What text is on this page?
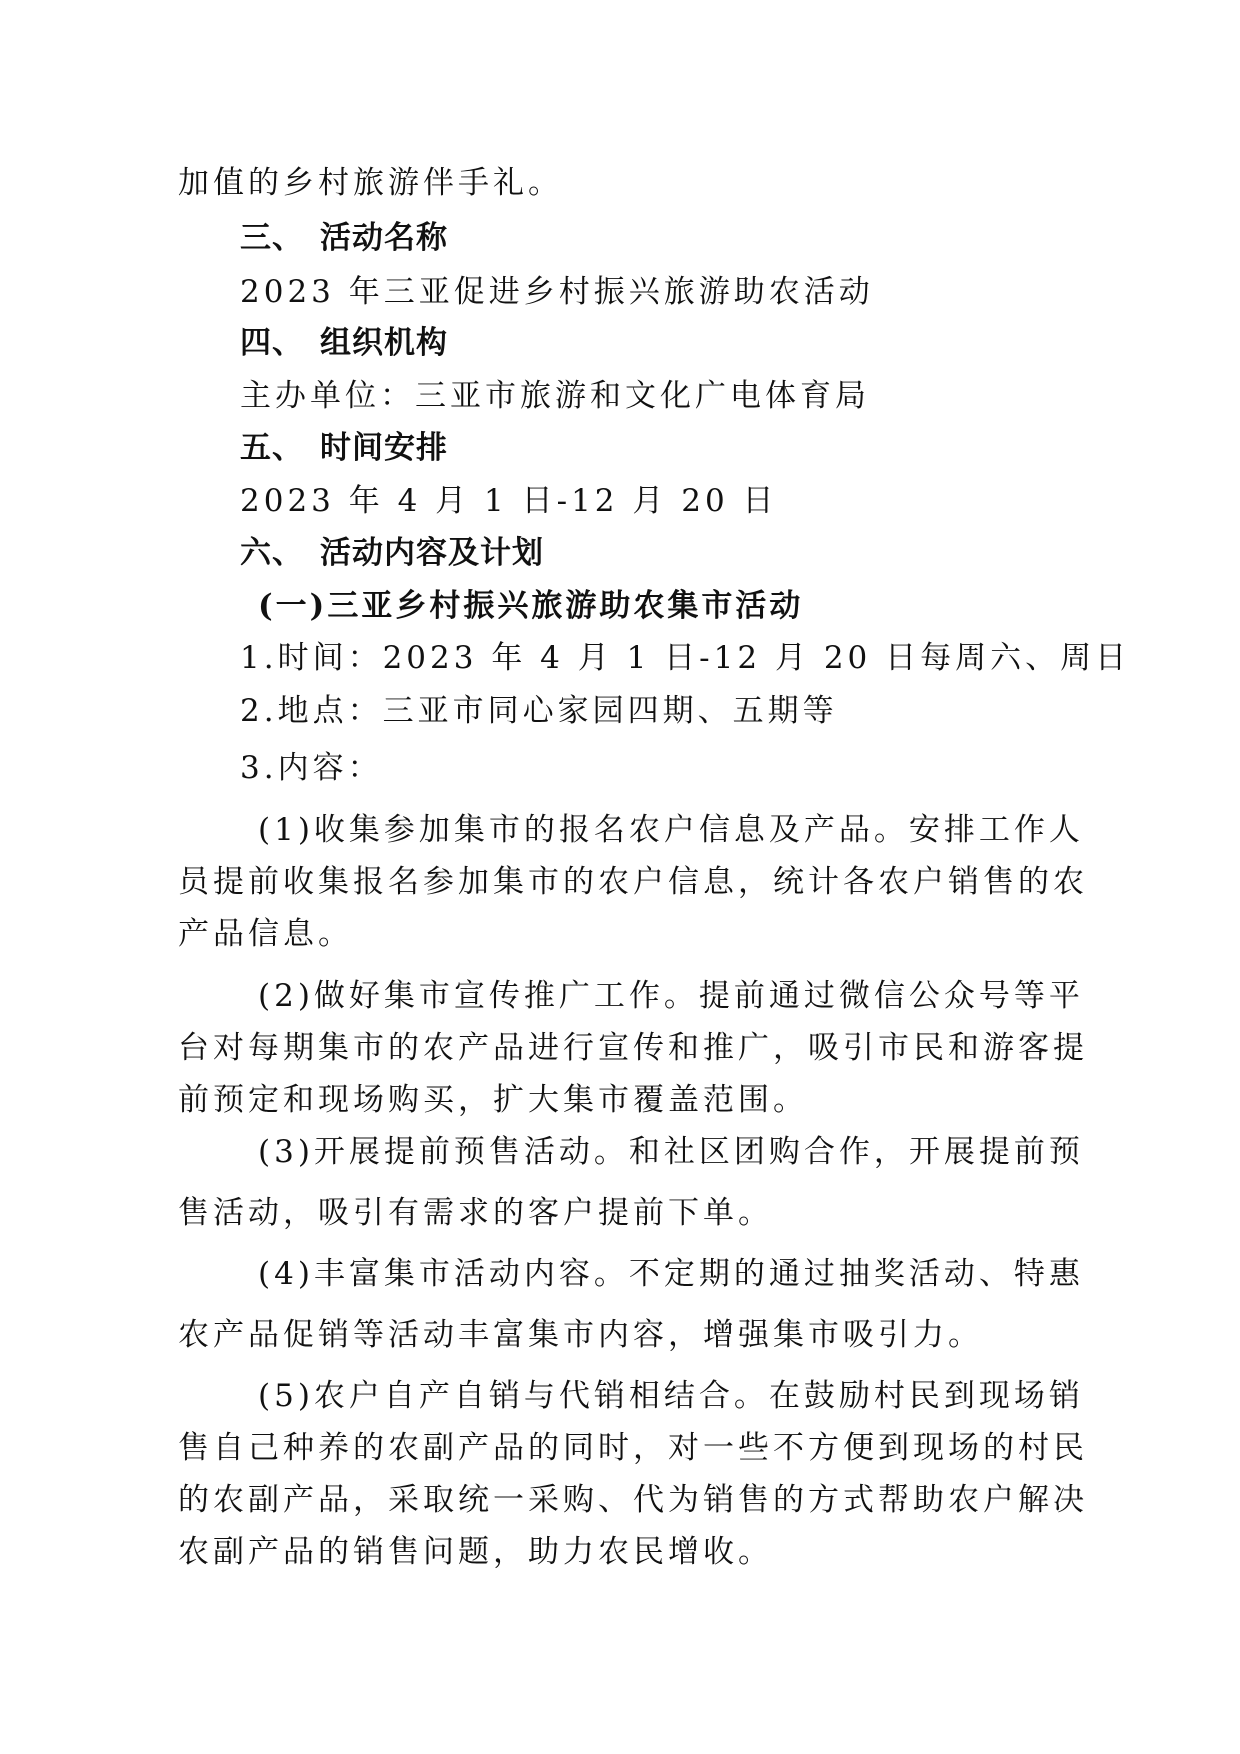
加值的乡村旅游伴手礼。
三、 活动名称
2023 年三亚促进乡村振兴旅游助农活动
四、 组织机构
主办单位：三亚市旅游和文化广电体育局
五、 时间安排
2023 年 4 月 1 日-12 月 20 日
六、 活动内容及计划
(一)三亚乡村振兴旅游助农集市活动
1.时间：2023 年 4 月 1 日-12 月 20 日每周六、周日
2.地点：三亚市同心家园四期、五期等
3.内容：
(1)收集参加集市的报名农户信息及产品。安排工作人
员提前收集报名参加集市的农户信息，统计各农户销售的农
产品信息。
(2)做好集市宣传推广工作。提前通过微信公众号等平
台对每期集市的农产品进行宣传和推广，吸引市民和游客提
前预定和现场购买，扩大集市覆盖范围。
(3)开展提前预售活动。和社区团购合作，开展提前预
售活动，吸引有需求的客户提前下单。
(4)丰富集市活动内容。不定期的通过抽奖活动、特惠
农产品促销等活动丰富集市内容，增强集市吸引力。
(5)农户自产自销与代销相结合。在鼓励村民到现场销
售自己种养的农副产品的同时，对一些不方便到现场的村民
的农副产品，采取统一采购、代为销售的方式帮助农户解决
农副产品的销售问题，助力农民增收。
